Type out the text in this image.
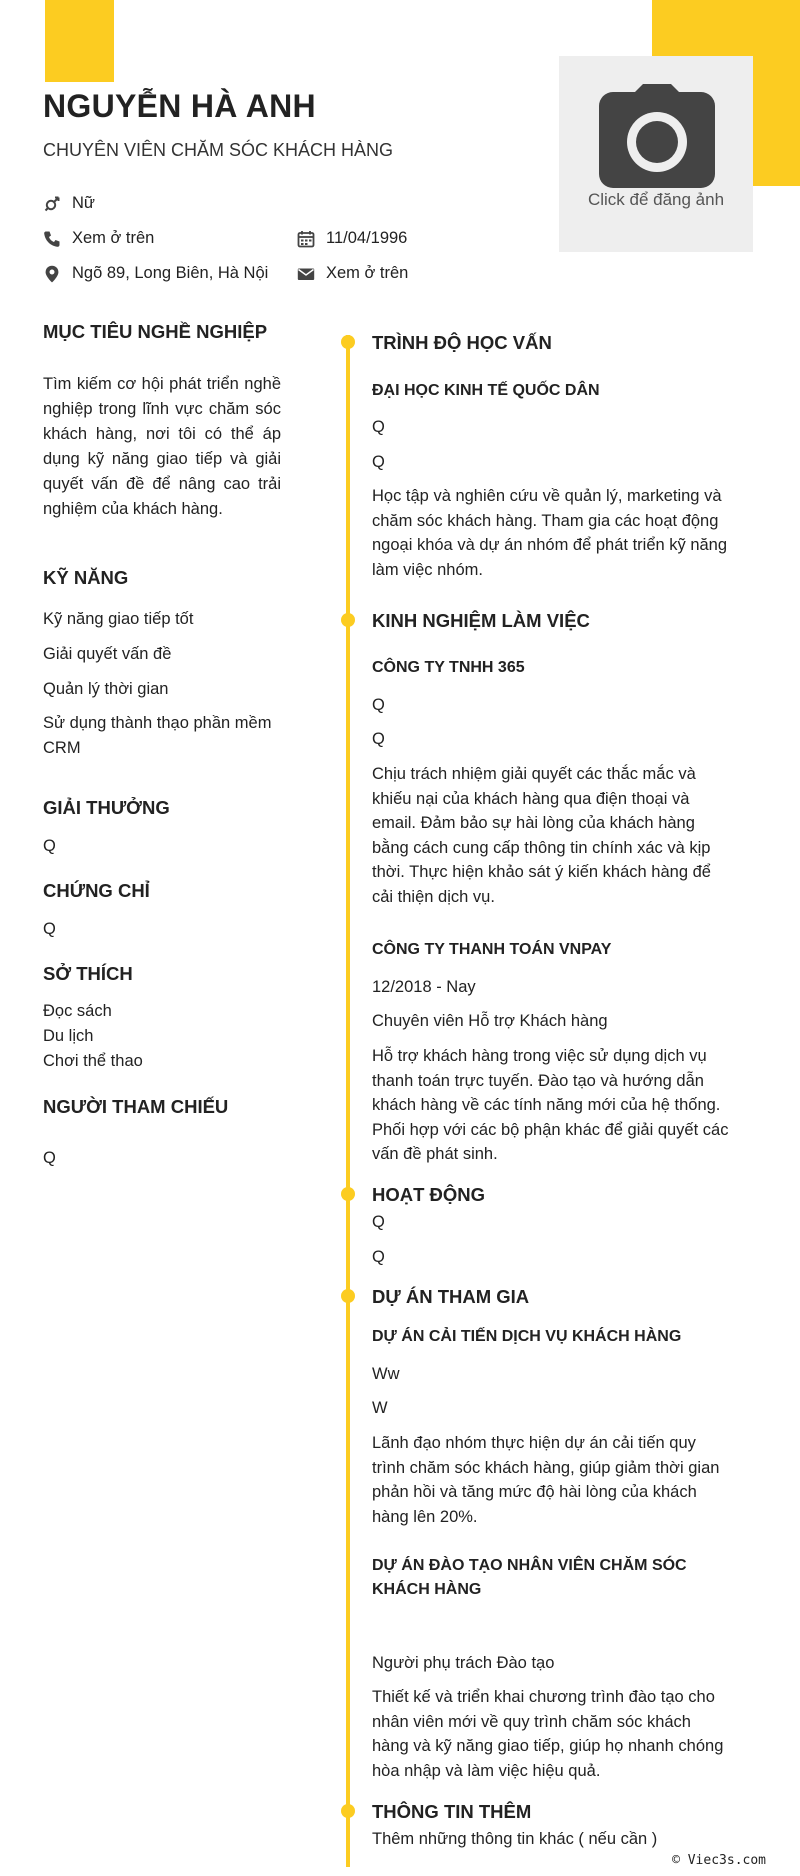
Click để đăng ảnh
NGUYỄN HÀ ANH
CHUYÊN VIÊN CHĂM SÓC KHÁCH HÀNG
Nữ
Xem ở trên	11/04/1996
Ngõ 89, Long Biên, Hà Nội	Xem ở trên
MỤC TIÊU NGHỀ NGHIỆP
Tìm kiếm cơ hội phát triển nghề nghiệp trong lĩnh vực chăm sóc khách hàng, nơi tôi có thể áp dụng kỹ năng giao tiếp và giải quyết vấn đề để nâng cao trải nghiệm của khách hàng.
KỸ NĂNG
Kỹ năng giao tiếp tốt
Giải quyết vấn đề
Quản lý thời gian
Sử dụng thành thạo phần mềm CRM
GIẢI THƯỞNG
Q
CHỨNG CHỈ
Q
SỞ THÍCH
Đọc sách
Du lịch
Chơi thể thao
NGƯỜI THAM CHIẾU
Q
TRÌNH ĐỘ HỌC VẤN
ĐẠI HỌC KINH TẾ QUỐC DÂN
Q
Q
Học tập và nghiên cứu về quản lý, marketing và chăm sóc khách hàng. Tham gia các hoạt động ngoại khóa và dự án nhóm để phát triển kỹ năng làm việc nhóm.
KINH NGHIỆM LÀM VIỆC
CÔNG TY TNHH 365
Q
Q
Chịu trách nhiệm giải quyết các thắc mắc và khiếu nại của khách hàng qua điện thoại và email. Đảm bảo sự hài lòng của khách hàng bằng cách cung cấp thông tin chính xác và kịp thời. Thực hiện khảo sát ý kiến khách hàng để cải thiện dịch vụ.
CÔNG TY THANH TOÁN VNPAY
12/2018 - Nay
Chuyên viên Hỗ trợ Khách hàng
Hỗ trợ khách hàng trong việc sử dụng dịch vụ thanh toán trực tuyến. Đào tạo và hướng dẫn khách hàng về các tính năng mới của hệ thống. Phối hợp với các bộ phận khác để giải quyết các vấn đề phát sinh.
HOẠT ĐỘNG
Q
Q
DỰ ÁN THAM GIA
DỰ ÁN CẢI TIẾN DỊCH VỤ KHÁCH HÀNG
Ww
W
Lãnh đạo nhóm thực hiện dự án cải tiến quy trình chăm sóc khách hàng, giúp giảm thời gian phản hồi và tăng mức độ hài lòng của khách hàng lên 20%.
DỰ ÁN ĐÀO TẠO NHÂN VIÊN CHĂM SÓC KHÁCH HÀNG
Người phụ trách Đào tạo
Thiết kế và triển khai chương trình đào tạo cho nhân viên mới về quy trình chăm sóc khách hàng và kỹ năng giao tiếp, giúp họ nhanh chóng hòa nhập và làm việc hiệu quả.
THÔNG TIN THÊM
Thêm những thông tin khác ( nếu cần )
© Viec3s.com
